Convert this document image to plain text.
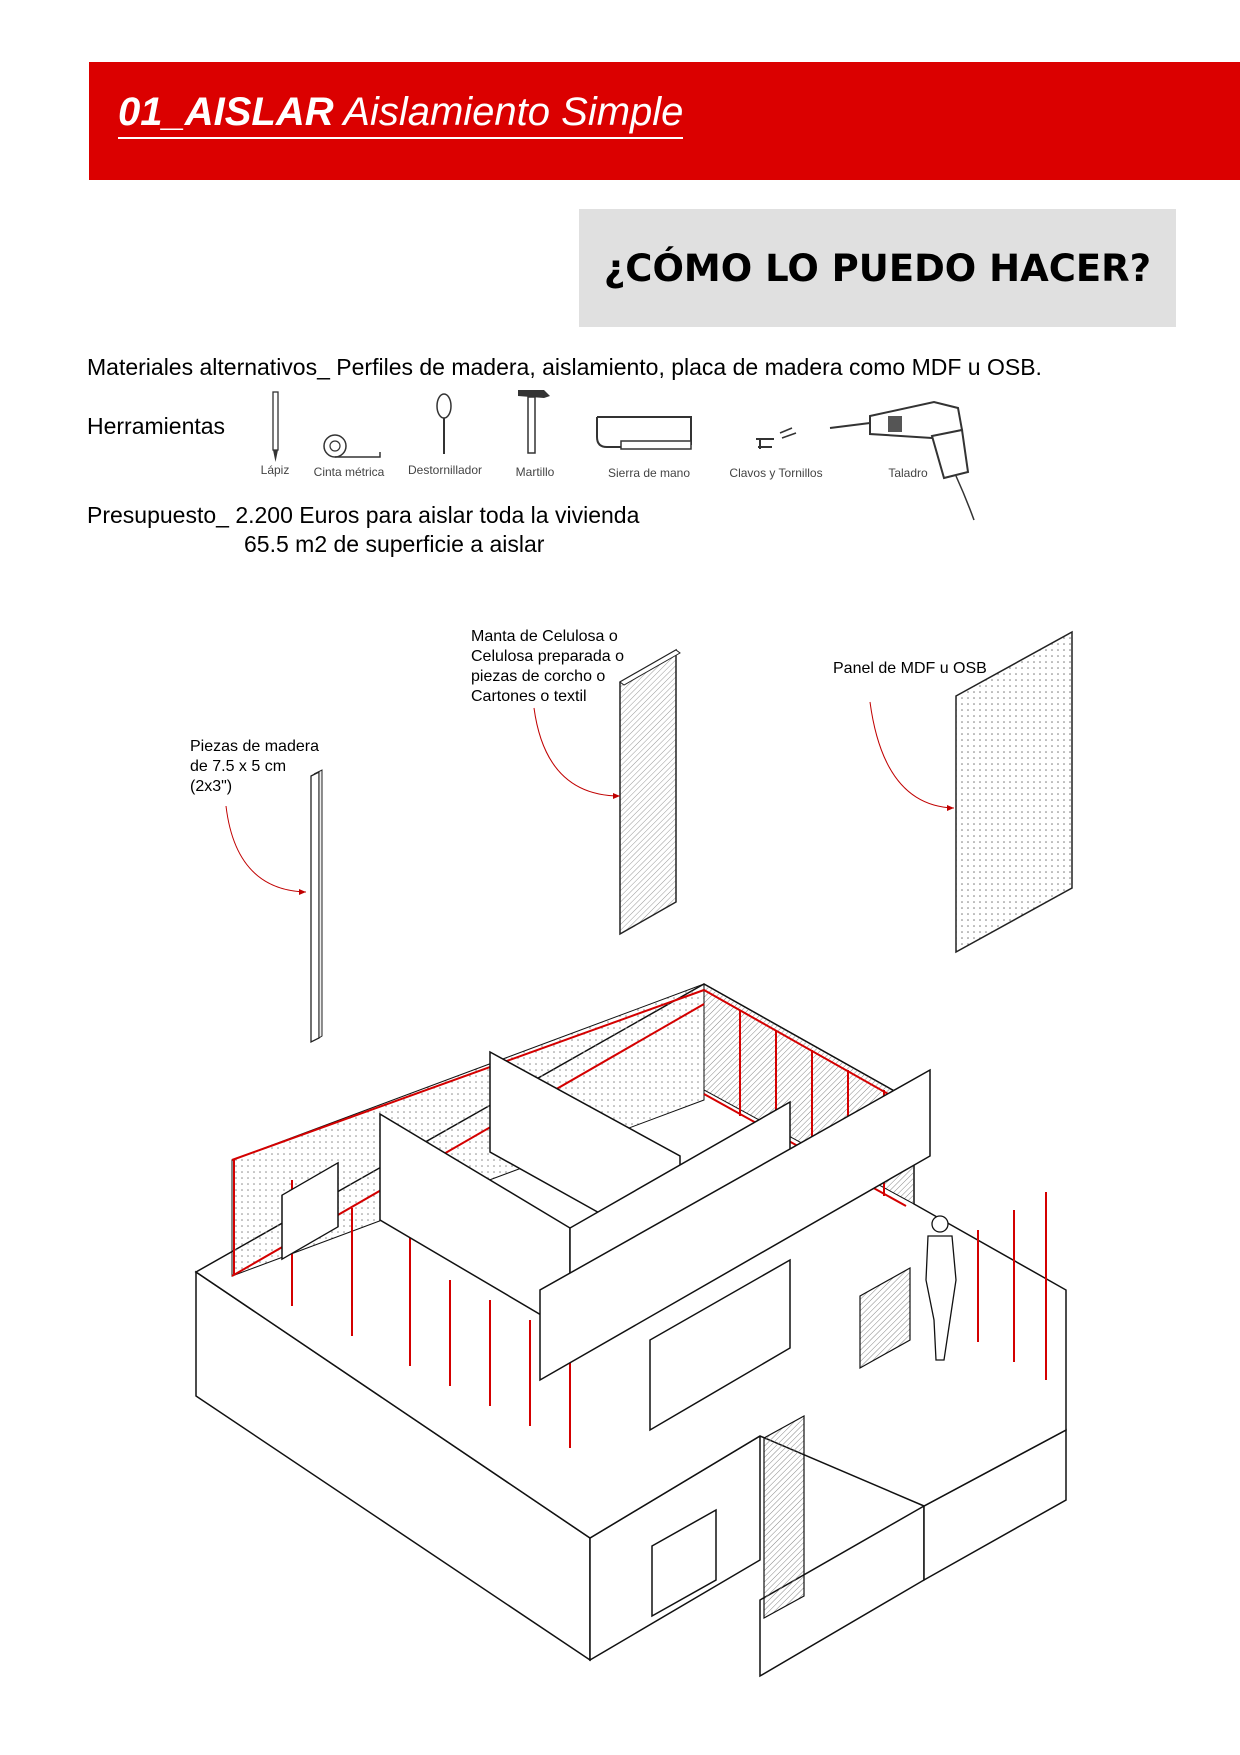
01_AISLAR Aislamiento Simple
¿CÓMO LO PUEDO HACER?
Materiales alternativos_ Perfiles de madera, aislamiento, placa de madera como MDF u OSB.
Herramientas
Lápiz Cinta métrica Destornillador	Martillo	Sierra de mano	Clavos y Tornillos	Taladro
Presupuesto_ 2.200 Euros para aislar toda la vivienda
65.5 m2 de superficie a aislar
Piezas de madera
de 7.5 x 5 cm
(2x3")
Manta de Celulosa o
Celulosa preparada o
piezas de corcho o
Cartones o textil
Panel de MDF u OSB
